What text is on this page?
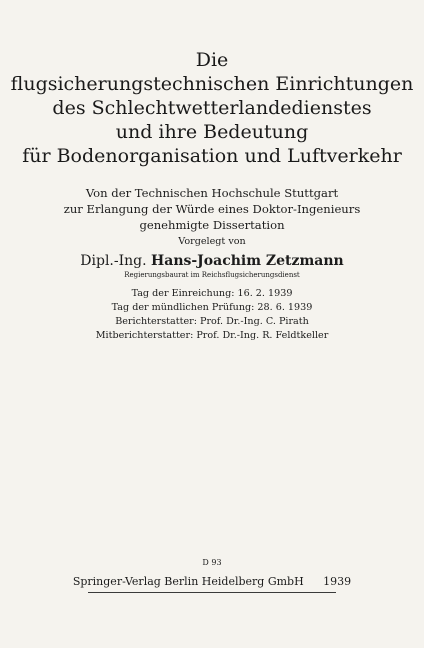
Die
flugsicherungstechnischen Einrichtungen
des Schlechtwetterlandedienstes
und ihre Bedeutung
für Bodenorganisation und Luftverkehr
Von der Technischen Hochschule Stuttgart
zur Erlangung der Würde eines Doktor-Ingenieurs
genehmigte Dissertation
Vorgelegt von
Dipl.-Ing. Hans-Joachim Zetzmann
Regierungsbaurat im Reichsflugsicherungsdienst
Tag der Einreichung: 16. 2. 1939
Tag der mündlichen Prüfung: 28. 6. 1939
Berichterstatter: Prof. Dr.-Ing. C. Pirath
Mitberichterstatter: Prof. Dr.-Ing. R. Feldtkeller
D 93
Springer-Verlag Berlin Heidelberg GmbH 1939
